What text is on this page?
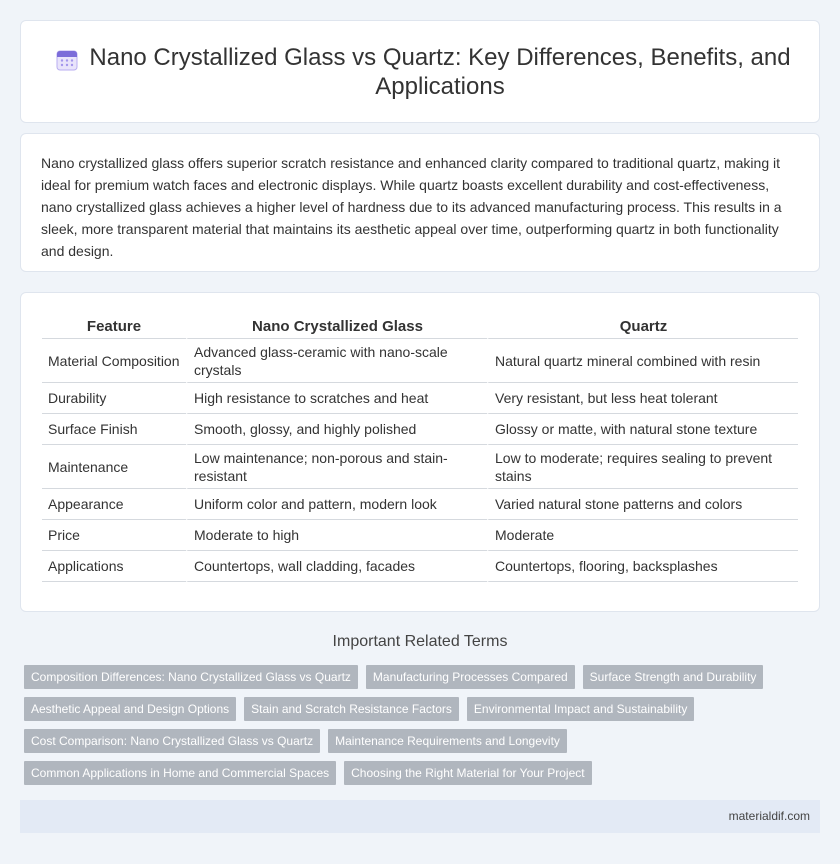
Nano Crystallized Glass vs Quartz: Key Differences, Benefits, and Applications

Nano crystallized glass offers superior scratch resistance and enhanced clarity compared to traditional quartz, making it ideal for premium watch faces and electronic displays. While quartz boasts excellent durability and cost-effectiveness, nano crystallized glass achieves a higher level of hardness due to its advanced manufacturing process. This results in a sleek, more transparent material that maintains its aesthetic appeal over time, outperforming quartz in both functionality and design.

Feature	Nano Crystallized Glass	Quartz
Material Composition	Advanced glass-ceramic with nano-scale crystals	Natural quartz mineral combined with resin
Durability	High resistance to scratches and heat	Very resistant, but less heat tolerant
Surface Finish	Smooth, glossy, and highly polished	Glossy or matte, with natural stone texture
Maintenance	Low maintenance; non-porous and stain-resistant	Low to moderate; requires sealing to prevent stains
Appearance	Uniform color and pattern, modern look	Varied natural stone patterns and colors
Price	Moderate to high	Moderate
Applications	Countertops, wall cladding, facades	Countertops, flooring, backsplashes
Important Related Terms
Composition Differences: Nano Crystallized Glass vs Quartz	Manufacturing Processes Compared	Surface Strength and Durability
Aesthetic Appeal and Design Options	Stain and Scratch Resistance Factors	Environmental Impact and Sustainability
Cost Comparison: Nano Crystallized Glass vs Quartz	Maintenance Requirements and Longevity
Common Applications in Home and Commercial Spaces	Choosing the Right Material for Your Project
materialdif.com
